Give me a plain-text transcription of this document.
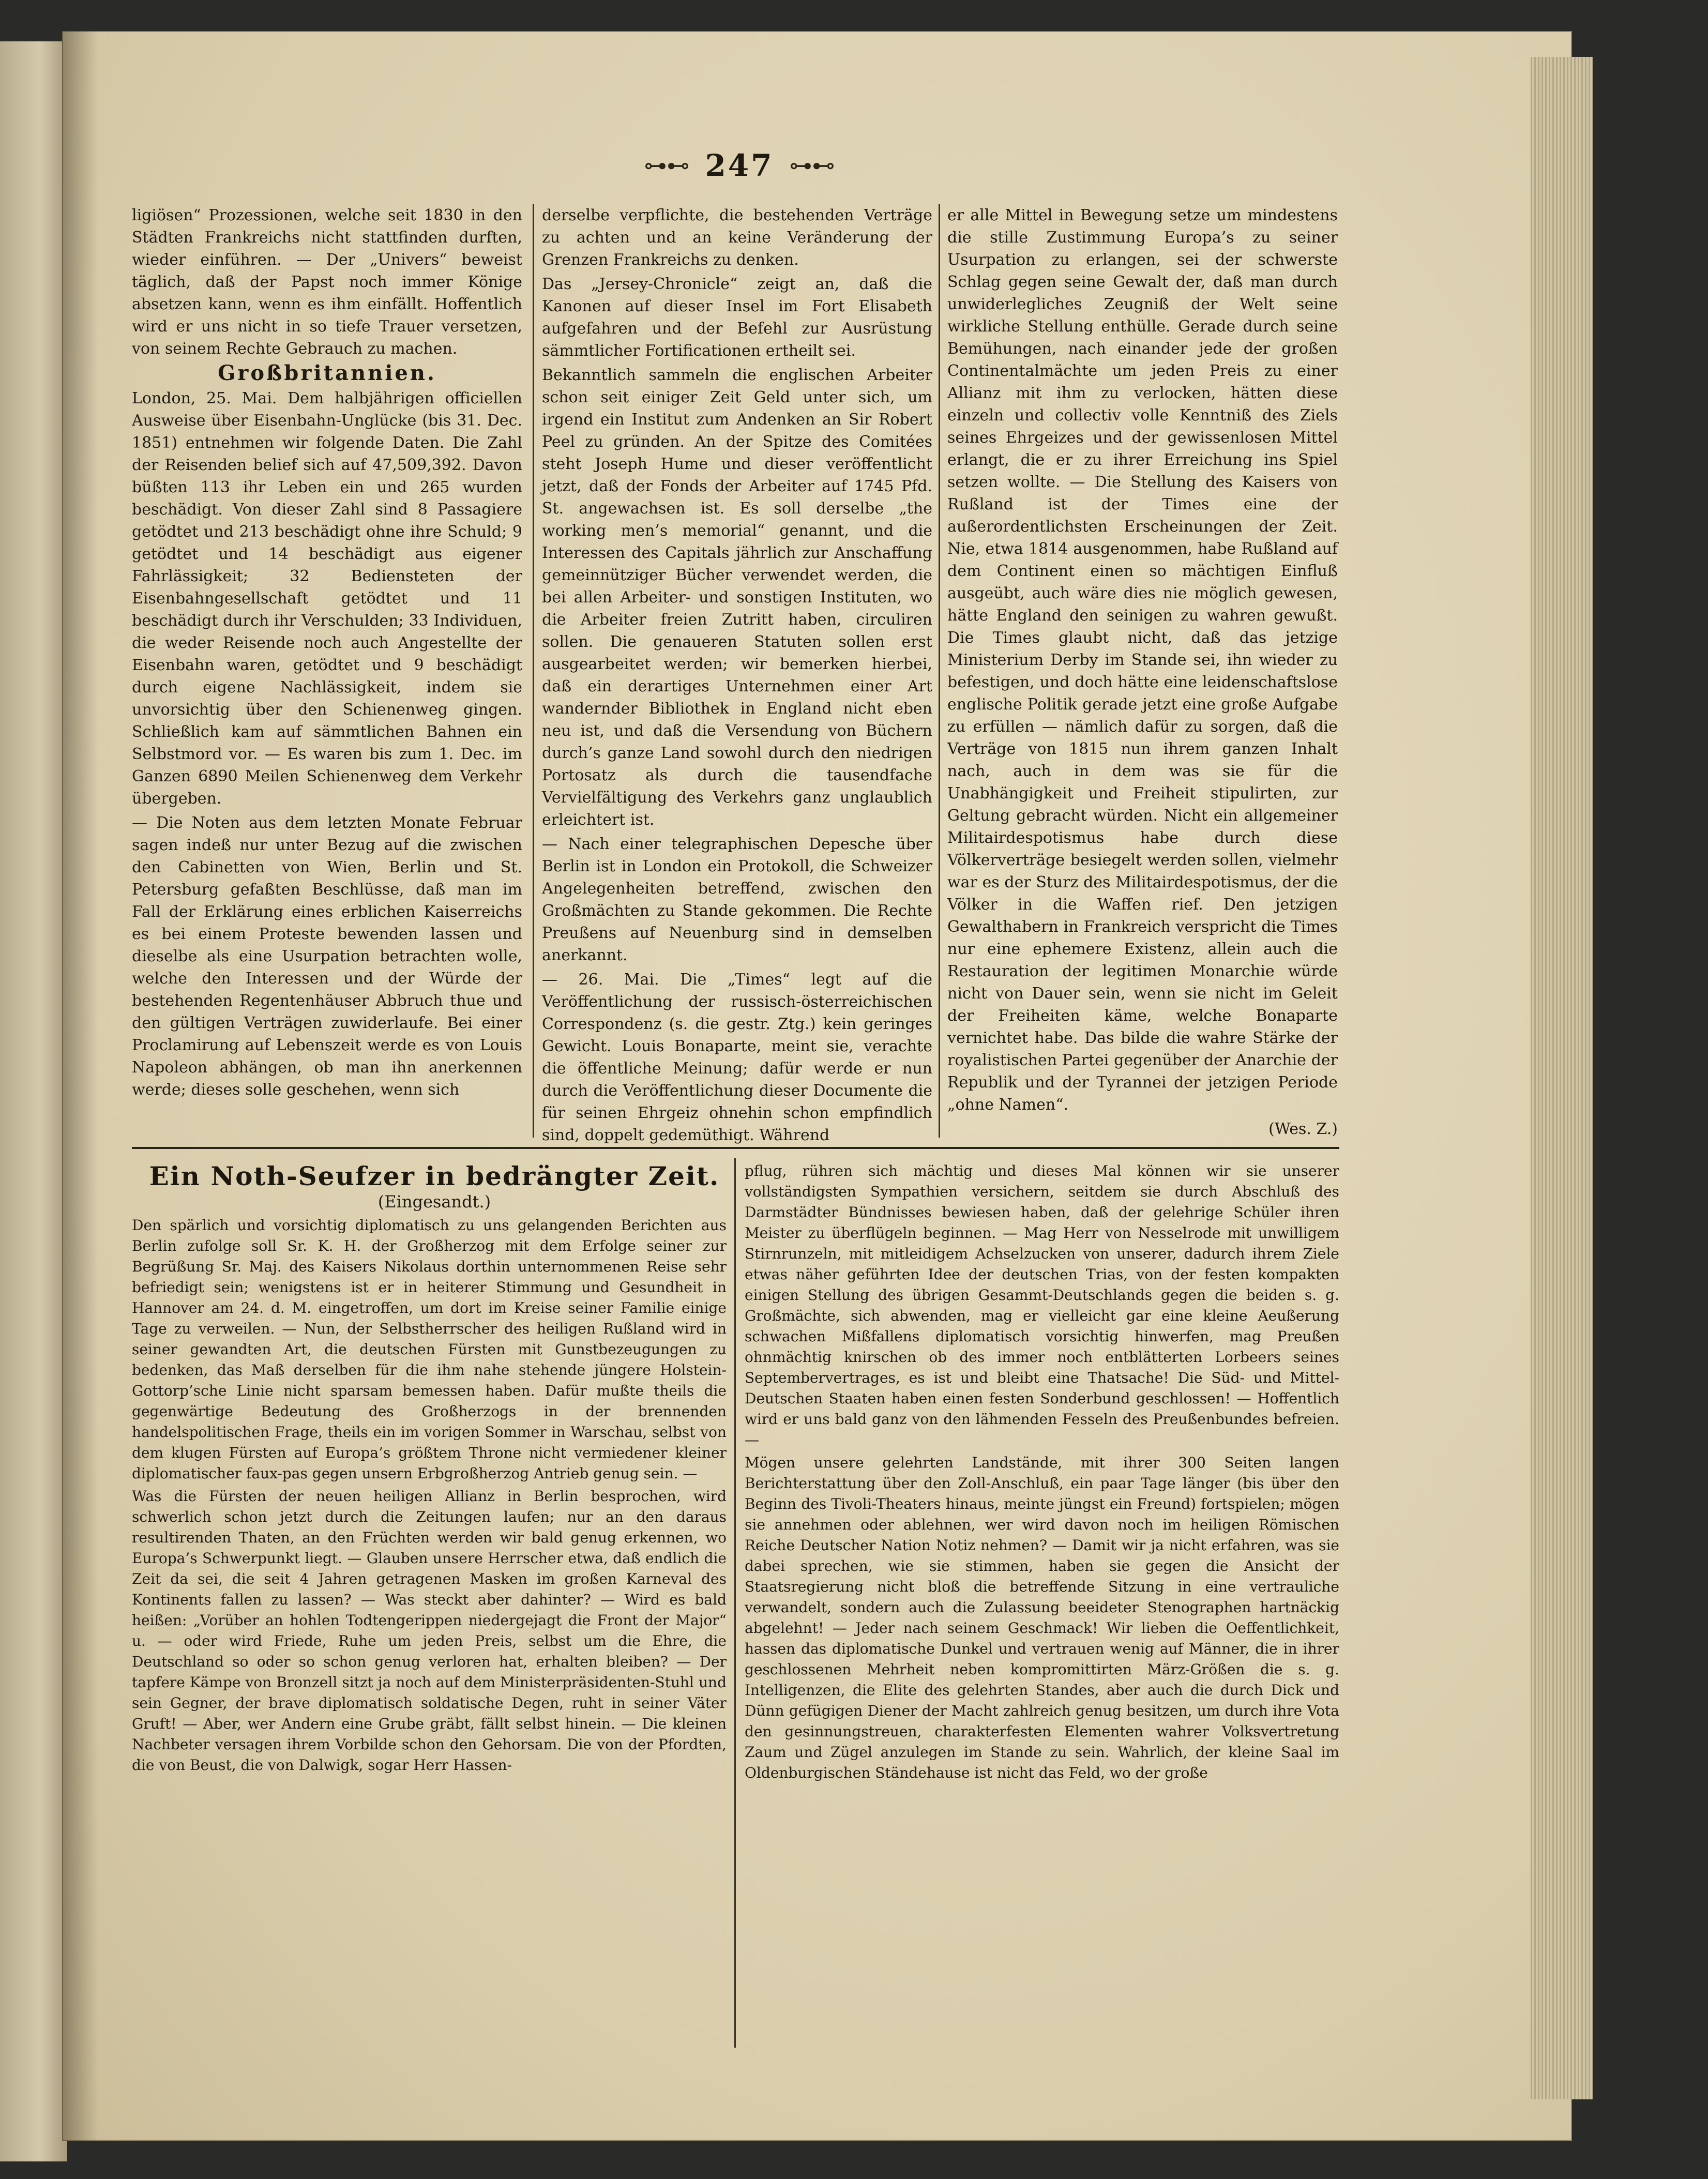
⊶⊷ 247 ⊶⊷

ligiösen“ Prozessionen, welche seit 1830 in den Städten Frankreichs nicht stattfinden durften, wieder einführen. — Der „Univers“ beweist täglich, daß der Papst noch immer Könige absetzen kann, wenn es ihm einfällt. Hoffentlich wird er uns nicht in so tiefe Trauer versetzen, von seinem Rechte Gebrauch zu machen.

Großbritannien.

London, 25. Mai. Dem halbjährigen officiellen Ausweise über Eisenbahn-Unglücke (bis 31. Dec. 1851) entnehmen wir folgende Daten. Die Zahl der Reisenden belief sich auf 47,509,392. Davon büßten 113 ihr Leben ein und 265 wurden beschädigt. Von dieser Zahl sind 8 Passagiere getödtet und 213 beschädigt ohne ihre Schuld; 9 getödtet und 14 beschädigt aus eigener Fahrlässigkeit; 32 Bediensteten der Eisenbahngesellschaft getödtet und 11 beschädigt durch ihr Verschulden; 33 Individuen, die weder Reisende noch auch Angestellte der Eisenbahn waren, getödtet und 9 beschädigt durch eigene Nachlässigkeit, indem sie unvorsichtig über den Schienenweg gingen. Schließlich kam auf sämmtlichen Bahnen ein Selbstmord vor. — Es waren bis zum 1. Dec. im Ganzen 6890 Meilen Schienenweg dem Verkehr übergeben.

— Die Noten aus dem letzten Monate Februar sagen indeß nur unter Bezug auf die zwischen den Cabinetten von Wien, Berlin und St. Petersburg gefaßten Beschlüsse, daß man im Fall der Erklärung eines erblichen Kaiserreichs es bei einem Proteste bewenden lassen und dieselbe als eine Usurpation betrachten wolle, welche den Interessen und der Würde der bestehenden Regentenhäuser Abbruch thue und den gültigen Verträgen zuwiderlaufe. Bei einer Proclamirung auf Lebenszeit werde es von Louis Napoleon abhängen, ob man ihn anerkennen werde; dieses solle geschehen, wenn sich

derselbe verpflichte, die bestehenden Verträge zu achten und an keine Veränderung der Grenzen Frankreichs zu denken.

Das „Jersey-Chronicle“ zeigt an, daß die Kanonen auf dieser Insel im Fort Elisabeth aufgefahren und der Befehl zur Ausrüstung sämmtlicher Fortificationen ertheilt sei.

Bekanntlich sammeln die englischen Arbeiter schon seit einiger Zeit Geld unter sich, um irgend ein Institut zum Andenken an Sir Robert Peel zu gründen. An der Spitze des Comitées steht Joseph Hume und dieser veröffentlicht jetzt, daß der Fonds der Arbeiter auf 1745 Pfd. St. angewachsen ist. Es soll derselbe „the working men’s memorial“ genannt, und die Interessen des Capitals jährlich zur Anschaffung gemeinnütziger Bücher verwendet werden, die bei allen Arbeiter- und sonstigen Instituten, wo die Arbeiter freien Zutritt haben, circuliren sollen. Die genaueren Statuten sollen erst ausgearbeitet werden; wir bemerken hierbei, daß ein derartiges Unternehmen einer Art wandernder Bibliothek in England nicht eben neu ist, und daß die Versendung von Büchern durch’s ganze Land sowohl durch den niedrigen Portosatz als durch die tausendfache Vervielfältigung des Verkehrs ganz unglaublich erleichtert ist.

— Nach einer telegraphischen Depesche über Berlin ist in London ein Protokoll, die Schweizer Angelegenheiten betreffend, zwischen den Großmächten zu Stande gekommen. Die Rechte Preußens auf Neuenburg sind in demselben anerkannt.

— 26. Mai. Die „Times“ legt auf die Veröffentlichung der russisch-österreichischen Correspondenz (s. die gestr. Ztg.) kein geringes Gewicht. Louis Bonaparte, meint sie, verachte die öffentliche Meinung; dafür werde er nun durch die Veröffentlichung dieser Documente die für seinen Ehrgeiz ohnehin schon empfindlich sind, doppelt gedemüthigt. Während

er alle Mittel in Bewegung setze um mindestens die stille Zustimmung Europa’s zu seiner Usurpation zu erlangen, sei der schwerste Schlag gegen seine Gewalt der, daß man durch unwiderlegliches Zeugniß der Welt seine wirkliche Stellung enthülle. Gerade durch seine Bemühungen, nach einander jede der großen Continentalmächte um jeden Preis zu einer Allianz mit ihm zu verlocken, hätten diese einzeln und collectiv volle Kenntniß des Ziels seines Ehrgeizes und der gewissenlosen Mittel erlangt, die er zu ihrer Erreichung ins Spiel setzen wollte. — Die Stellung des Kaisers von Rußland ist der Times eine der außerordentlichsten Erscheinungen der Zeit. Nie, etwa 1814 ausgenommen, habe Rußland auf dem Continent einen so mächtigen Einfluß ausgeübt, auch wäre dies nie möglich gewesen, hätte England den seinigen zu wahren gewußt. Die Times glaubt nicht, daß das jetzige Ministerium Derby im Stande sei, ihn wieder zu befestigen, und doch hätte eine leidenschaftslose englische Politik gerade jetzt eine große Aufgabe zu erfüllen — nämlich dafür zu sorgen, daß die Verträge von 1815 nun ihrem ganzen Inhalt nach, auch in dem was sie für die Unabhängigkeit und Freiheit stipulirten, zur Geltung gebracht würden. Nicht ein allgemeiner Militairdespotismus habe durch diese Völkerverträge besiegelt werden sollen, vielmehr war es der Sturz des Militairdespotismus, der die Völker in die Waffen rief. Den jetzigen Gewalthabern in Frankreich verspricht die Times nur eine ephemere Existenz, allein auch die Restauration der legitimen Monarchie würde nicht von Dauer sein, wenn sie nicht im Geleit der Freiheiten käme, welche Bonaparte vernichtet habe. Das bilde die wahre Stärke der royalistischen Partei gegenüber der Anarchie der Republik und der Tyrannei der jetzigen Periode „ohne Namen“.

(Wes. Z.)

Ein Noth-Seufzer in bedrängter Zeit.
(Eingesandt.)

Den spärlich und vorsichtig diplomatisch zu uns gelangenden Berichten aus Berlin zufolge soll Sr. K. H. der Großherzog mit dem Erfolge seiner zur Begrüßung Sr. Maj. des Kaisers Nikolaus dorthin unternommenen Reise sehr befriedigt sein; wenigstens ist er in heiterer Stimmung und Gesundheit in Hannover am 24. d. M. eingetroffen, um dort im Kreise seiner Familie einige Tage zu verweilen. — Nun, der Selbstherrscher des heiligen Rußland wird in seiner gewandten Art, die deutschen Fürsten mit Gunstbezeugungen zu bedenken, das Maß derselben für die ihm nahe stehende jüngere Holstein-Gottorp’sche Linie nicht sparsam bemessen haben. Dafür mußte theils die gegenwärtige Bedeutung des Großherzogs in der brennenden handelspolitischen Frage, theils ein im vorigen Sommer in Warschau, selbst von dem klugen Fürsten auf Europa’s größtem Throne nicht vermiedener kleiner diplomatischer faux-pas gegen unsern Erbgroßherzog Antrieb genug sein. —

Was die Fürsten der neuen heiligen Allianz in Berlin besprochen, wird schwerlich schon jetzt durch die Zeitungen laufen; nur an den daraus resultirenden Thaten, an den Früchten werden wir bald genug erkennen, wo Europa’s Schwerpunkt liegt. — Glauben unsere Herrscher etwa, daß endlich die Zeit da sei, die seit 4 Jahren getragenen Masken im großen Karneval des Kontinents fallen zu lassen? — Was steckt aber dahinter? — Wird es bald heißen: „Vorüber an hohlen Todtengerippen niedergejagt die Front der Major“ u. — oder wird Friede, Ruhe um jeden Preis, selbst um die Ehre, die Deutschland so oder so schon genug verloren hat, erhalten bleiben? — Der tapfere Kämpe von Bronzell sitzt ja noch auf dem Ministerpräsidenten-Stuhl und sein Gegner, der brave diplomatisch soldatische Degen, ruht in seiner Väter Gruft! — Aber, wer Andern eine Grube gräbt, fällt selbst hinein. — Die kleinen Nachbeter versagen ihrem Vorbilde schon den Gehorsam. Die von der Pfordten, die von Beust, die von Dalwigk, sogar Herr Hassen-

pflug, rühren sich mächtig und dieses Mal können wir sie unserer vollständigsten Sympathien versichern, seitdem sie durch Abschluß des Darmstädter Bündnisses bewiesen haben, daß der gelehrige Schüler ihren Meister zu überflügeln beginnen. — Mag Herr von Nesselrode mit unwilligem Stirnrunzeln, mit mitleidigem Achselzucken von unserer, dadurch ihrem Ziele etwas näher geführten Idee der deutschen Trias, von der festen kompakten einigen Stellung des übrigen Gesammt-Deutschlands gegen die beiden s. g. Großmächte, sich abwenden, mag er vielleicht gar eine kleine Aeußerung schwachen Mißfallens diplomatisch vorsichtig hinwerfen, mag Preußen ohnmächtig knirschen ob des immer noch entblätterten Lorbeers seines Septembervertrages, es ist und bleibt eine Thatsache! Die Süd- und Mittel-Deutschen Staaten haben einen festen Sonderbund geschlossen! — Hoffentlich wird er uns bald ganz von den lähmenden Fesseln des Preußenbundes befreien. —

Mögen unsere gelehrten Landstände, mit ihrer 300 Seiten langen Berichterstattung über den Zoll-Anschluß, ein paar Tage länger (bis über den Beginn des Tivoli-Theaters hinaus, meinte jüngst ein Freund) fortspielen; mögen sie annehmen oder ablehnen, wer wird davon noch im heiligen Römischen Reiche Deutscher Nation Notiz nehmen? — Damit wir ja nicht erfahren, was sie dabei sprechen, wie sie stimmen, haben sie gegen die Ansicht der Staatsregierung nicht bloß die betreffende Sitzung in eine vertrauliche verwandelt, sondern auch die Zulassung beeideter Stenographen hartnäckig abgelehnt! — Jeder nach seinem Geschmack! Wir lieben die Oeffentlichkeit, hassen das diplomatische Dunkel und vertrauen wenig auf Männer, die in ihrer geschlossenen Mehrheit neben kompromittirten März-Größen die s. g. Intelligenzen, die Elite des gelehrten Standes, aber auch die durch Dick und Dünn gefügigen Diener der Macht zahlreich genug besitzen, um durch ihre Vota den gesinnungstreuen, charakterfesten Elementen wahrer Volksvertretung Zaum und Zügel anzulegen im Stande zu sein. Wahrlich, der kleine Saal im Oldenburgischen Ständehause ist nicht das Feld, wo der große
